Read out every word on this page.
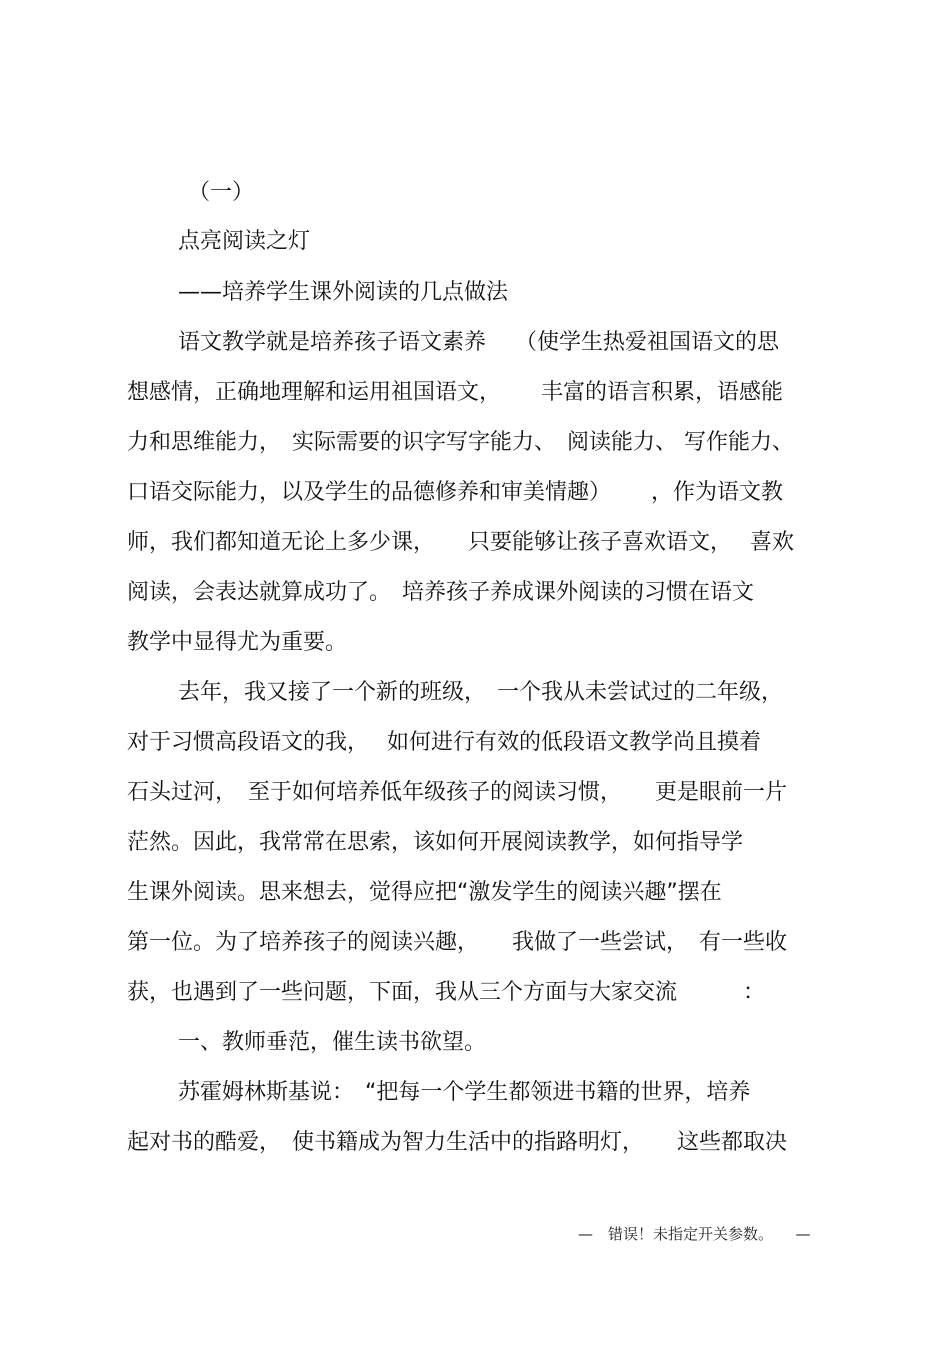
（一）
点亮阅读之灯
——培养学生课外阅读的几点做法
语文教学就是培养孩子语文素养　 （使学生热爱祖国语文的思
想感情，正确地理解和运用祖国语文，　　 丰富的语言积累，语感能
力和思维能力，　实际需要的识字写字能力、　阅读能力、 写作能力、
口语交际能力，以及学生的品德修养和审美情趣）　　 ，作为语文教
师，我们都知道无论上多少课，　　只要能够让孩子喜欢语文，　 喜欢
阅读，会表达就算成功了。　培养孩子养成课外阅读的习惯在语文
教学中显得尤为重要。
去年，我又接了一个新的班级，　一个我从未尝试过的二年级，
对于习惯高段语文的我，　 如何进行有效的低段语文教学尚且摸着
石头过河，　至于如何培养低年级孩子的阅读习惯，　　更是眼前一片
茫然。因此，我常常在思索，该如何开展阅读教学，如何指导学
生课外阅读。思来想去，觉得应把“激发学生的阅读兴趣”摆在
第一位。为了培养孩子的阅读兴趣，　　我做了一些尝试，　有一些收
获，也遇到了一些问题，下面，我从三个方面与大家交流　　　：
一、教师垂范，催生读书欲望。
苏霍姆林斯基说：　“把每一个学生都领进书籍的世界，培养
起对书的酷爱，　使书籍成为智力生活中的指路明灯，　　这些都取决
—　错误！未指定开关参数。　　—
